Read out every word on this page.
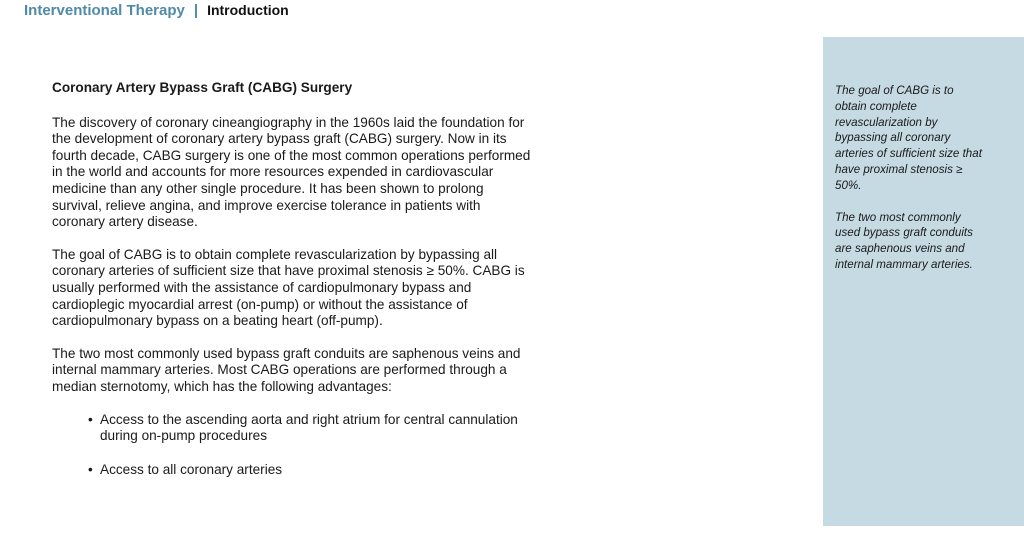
Interventional Therapy | Introduction
Coronary Artery Bypass Graft (CABG) Surgery

The discovery of coronary cineangiography in the 1960s laid the foundation for the development of coronary artery bypass graft (CABG) surgery. Now in its fourth decade, CABG surgery is one of the most common operations performed in the world and accounts for more resources expended in cardiovascular medicine than any other single procedure. It has been shown to prolong survival, relieve angina, and improve exercise tolerance in patients with coronary artery disease.

The goal of CABG is to obtain complete revascularization by bypassing all coronary arteries of sufficient size that have proximal stenosis ≥ 50%. CABG is usually performed with the assistance of cardiopulmonary bypass and cardioplegic myocardial arrest (on-pump) or without the assistance of cardiopulmonary bypass on a beating heart (off-pump).

The two most commonly used bypass graft conduits are saphenous veins and internal mammary arteries. Most CABG operations are performed through a median sternotomy, which has the following advantages:

• Access to the ascending aorta and right atrium for central cannulation during on-pump procedures
• Access to all coronary arteries

The goal of CABG is to obtain complete revascularization by bypassing all coronary arteries of sufficient size that have proximal stenosis ≥ 50%.

The two most commonly used bypass graft conduits are saphenous veins and internal mammary arteries.
